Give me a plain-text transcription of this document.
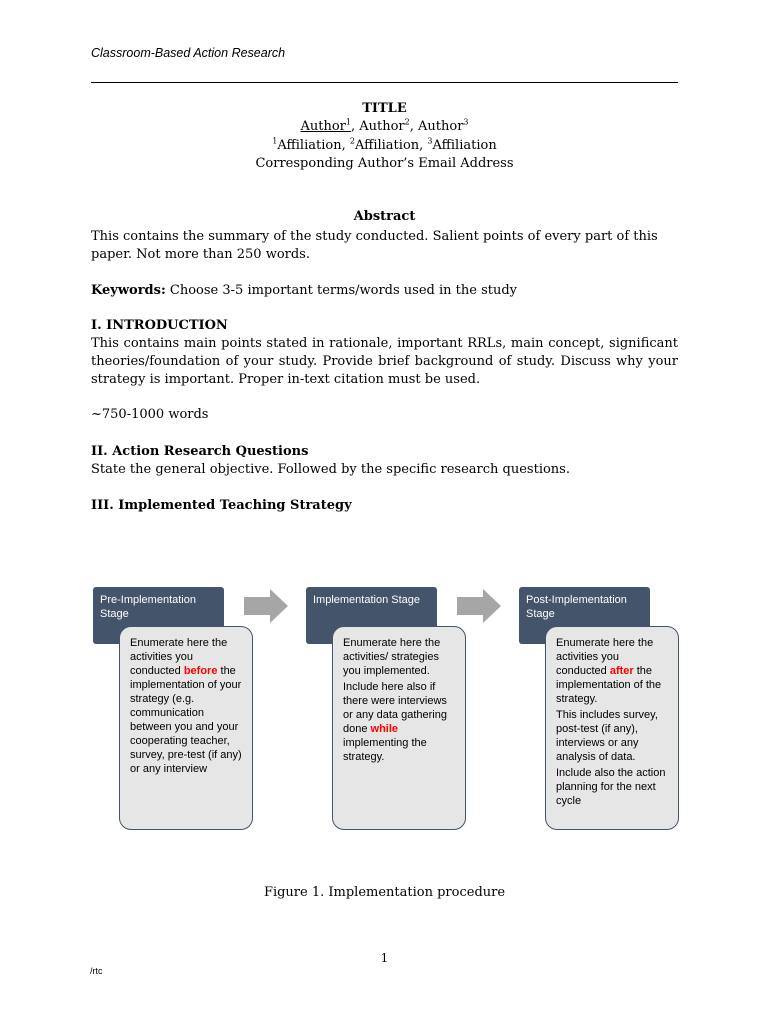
Classroom-Based Action Research
TITLE
Author$^1$, Author$^2$, Author$^3$
$^1$Affiliation, $^2$Affiliation, $^3$Affiliation
Corresponding Author’s Email Address
Abstract
This contains the summary of the study conducted. Salient points of every part of this paper. Not more than 250 words.
Keywords: Choose 3-5 important terms/words used in the study
I. INTRODUCTION
This contains main points stated in rationale, important RRLs, main concept, significant theories/foundation of your study. Provide brief background of study. Discuss why your strategy is important. Proper in-text citation must be used.
~750-1000 words
II. Action Research Questions
State the general objective. Followed by the specific research questions.
III. Implemented Teaching Strategy
Pre-Implementation Stage

Enumerate here the activities you conducted before the implementation of your strategy (e.g. communication between you and your cooperating teacher, survey, pre-test (if any) or any interview

Implementation Stage

Enumerate here the activities/ strategies you implemented.

Include here also if there were interviews or any data gathering done while implementing the strategy.

Post-Implementation Stage

Enumerate here the activities you conducted after the implementation of the strategy.

This includes survey, post-test (if any), interviews or any analysis of data.

Include also the action planning for the next cycle

Figure 1. Implementation procedure
1
/rtc
